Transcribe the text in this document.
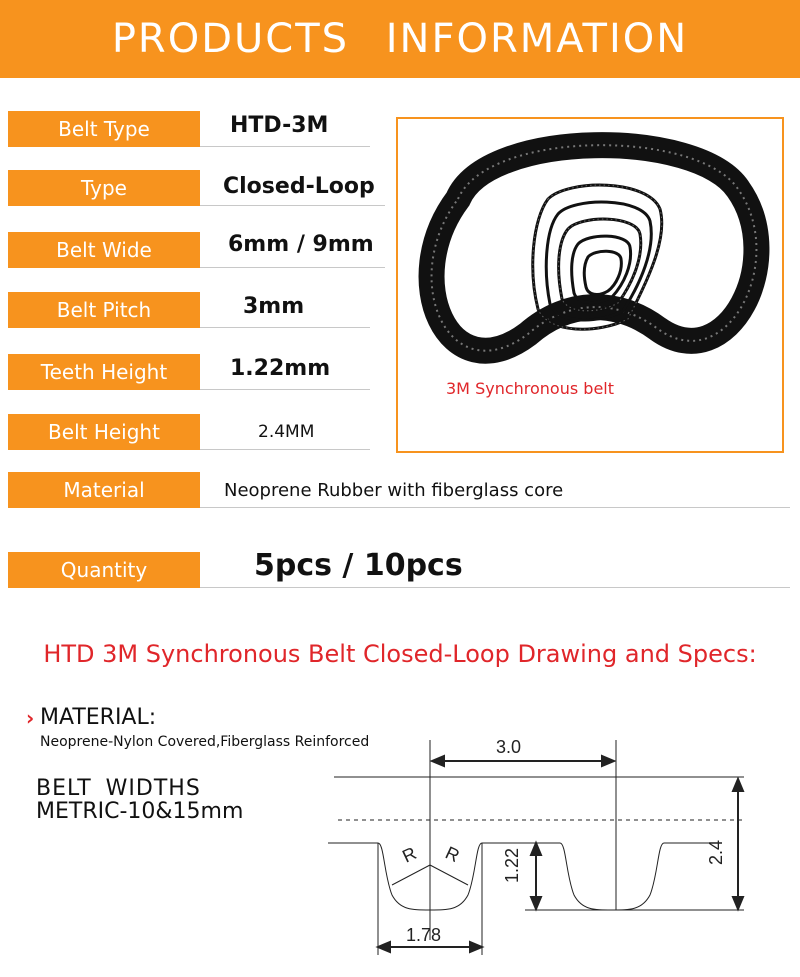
PRODUCTS INFORMATION
Belt Type	HTD-3M
Type	Closed-Loop
Belt Wide	6mm / 9mm
Belt Pitch	3mm
Teeth Height	1.22mm
Belt Height	2.4MM
Material	Neoprene Rubber with fiberglass core
Quantity	5pcs / 10pcs
3M Synchronous belt
HTD 3M Synchronous Belt Closed-Loop Drawing and Specs:
› MATERIAL:
Neoprene-Nylon Covered,Fiberglass Reinforced
BELT WIDTHS
METRIC-10&15mm
3.0
2.4
1.22
1.78
R R
